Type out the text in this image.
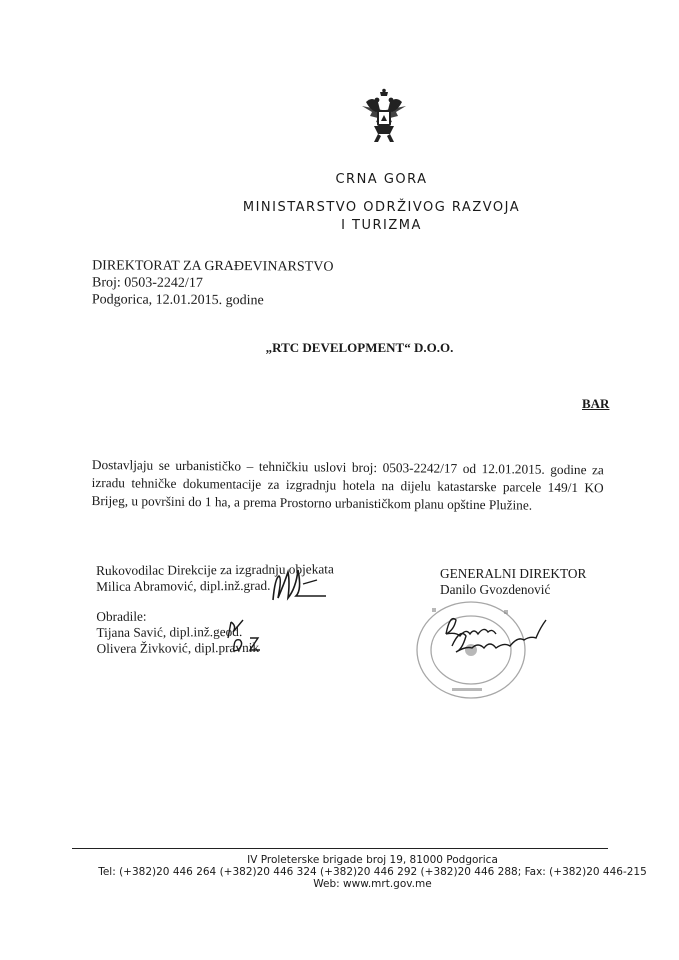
CRNA GORA
MINISTARSTVO ODRŽIVOG RAZVOJA
I TURIZMA
DIREKTORAT ZA GRAĐEVINARSTVO
Broj: 0503-2242/17
Podgorica, 12.01.2015. godine
„RTC DEVELOPMENT“ D.O.O.
BAR
Dostavljaju se urbanističko – tehničkiu uslovi broj: 0503-2242/17 od 12.01.2015. godine za izradu tehničke dokumentacije za izgradnju hotela na dijelu katastarske parcele 149/1 KO Brijeg, u površini do 1 ha, a prema Prostorno urbanističkom planu opštine Plužine.
Rukovodilac Direkcije za izgradnju objekata
Milica Abramović, dipl.inž.grad.
Obradile:
Tijana Savić, dipl.inž.geod.
Olivera Živković, dipl.pravnik
GENERALNI DIREKTOR
Danilo Gvozdenović
IV Proleterske brigade broj 19, 81000 Podgorica
Tel: (+382)20 446 264 (+382)20 446 324 (+382)20 446 292 (+382)20 446 288; Fax: (+382)20 446-215
Web: www.mrt.gov.me
